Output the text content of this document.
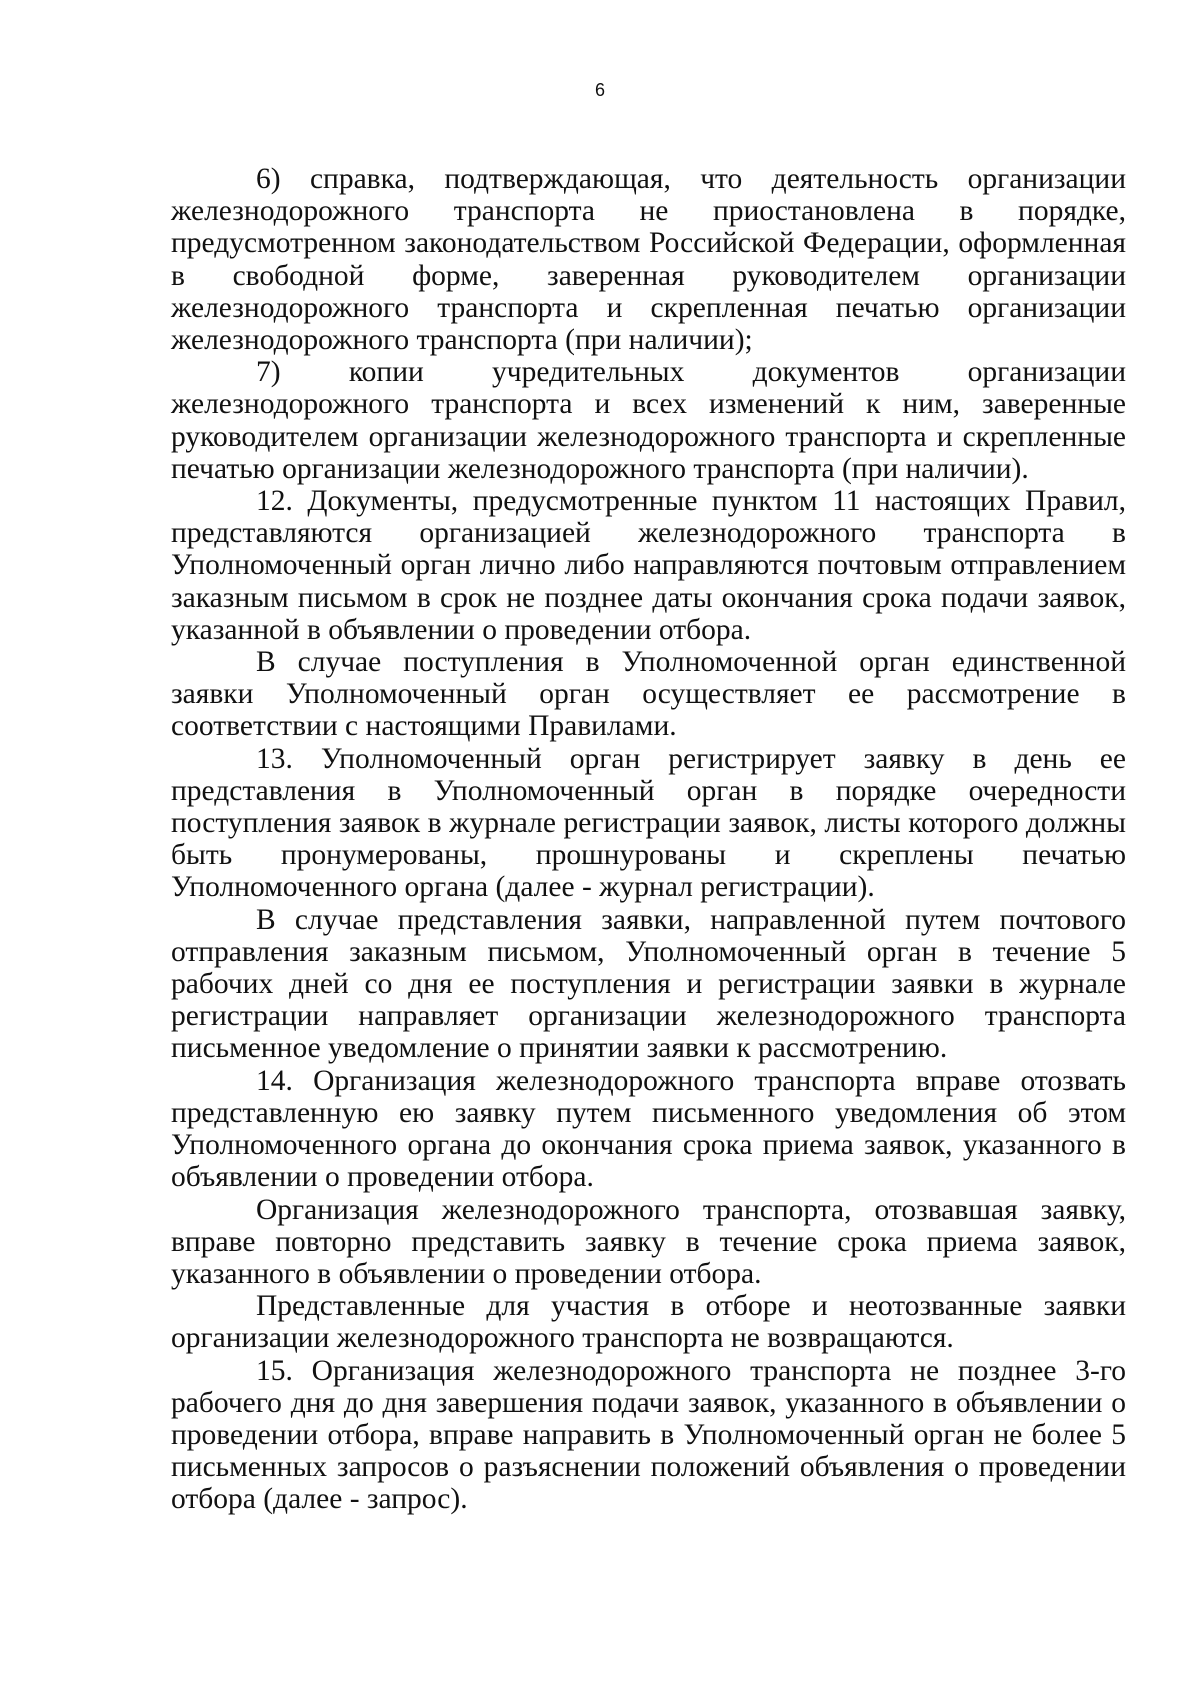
6

6) справка, подтверждающая, что деятельность организации железнодорожного транспорта не приостановлена в порядке, предусмотренном законодательством Российской Федерации, оформленная в свободной форме, заверенная руководителем организации железнодорожного транспорта и скрепленная печатью организации железнодорожного транспорта (при наличии);

7) копии учредительных документов организации железнодорожного транспорта и всех изменений к ним, заверенные руководителем организации железнодорожного транспорта и скрепленные печатью организации железнодорожного транспорта (при наличии).

12. Документы, предусмотренные пунктом 11 настоящих Правил, представляются организацией железнодорожного транспорта в Уполномоченный орган лично либо направляются почтовым отправлением заказным письмом в срок не позднее даты окончания срока подачи заявок, указанной в объявлении о проведении отбора.

В случае поступления в Уполномоченной орган единственной заявки Уполномоченный орган осуществляет ее рассмотрение в соответствии с настоящими Правилами.

13. Уполномоченный орган регистрирует заявку в день ее представления в Уполномоченный орган в порядке очередности поступления заявок в журнале регистрации заявок, листы которого должны быть пронумерованы, прошнурованы и скреплены печатью Уполномоченного органа (далее - журнал регистрации).

В случае представления заявки, направленной путем почтового отправления заказным письмом, Уполномоченный орган в течение 5 рабочих дней со дня ее поступления и регистрации заявки в журнале регистрации направляет организации железнодорожного транспорта письменное уведомление о принятии заявки к рассмотрению.

14. Организация железнодорожного транспорта вправе отозвать представленную ею заявку путем письменного уведомления об этом Уполномоченного органа до окончания срока приема заявок, указанного в объявлении о проведении отбора.

Организация железнодорожного транспорта, отозвавшая заявку, вправе повторно представить заявку в течение срока приема заявок, указанного в объявлении о проведении отбора.

Представленные для участия в отборе и неотозванные заявки организации железнодорожного транспорта не возвращаются.

15. Организация железнодорожного транспорта не позднее 3-го рабочего дня до дня завершения подачи заявок, указанного в объявлении о проведении отбора, вправе направить в Уполномоченный орган не более 5 письменных запросов о разъяснении положений объявления о проведении отбора (далее - запрос).
